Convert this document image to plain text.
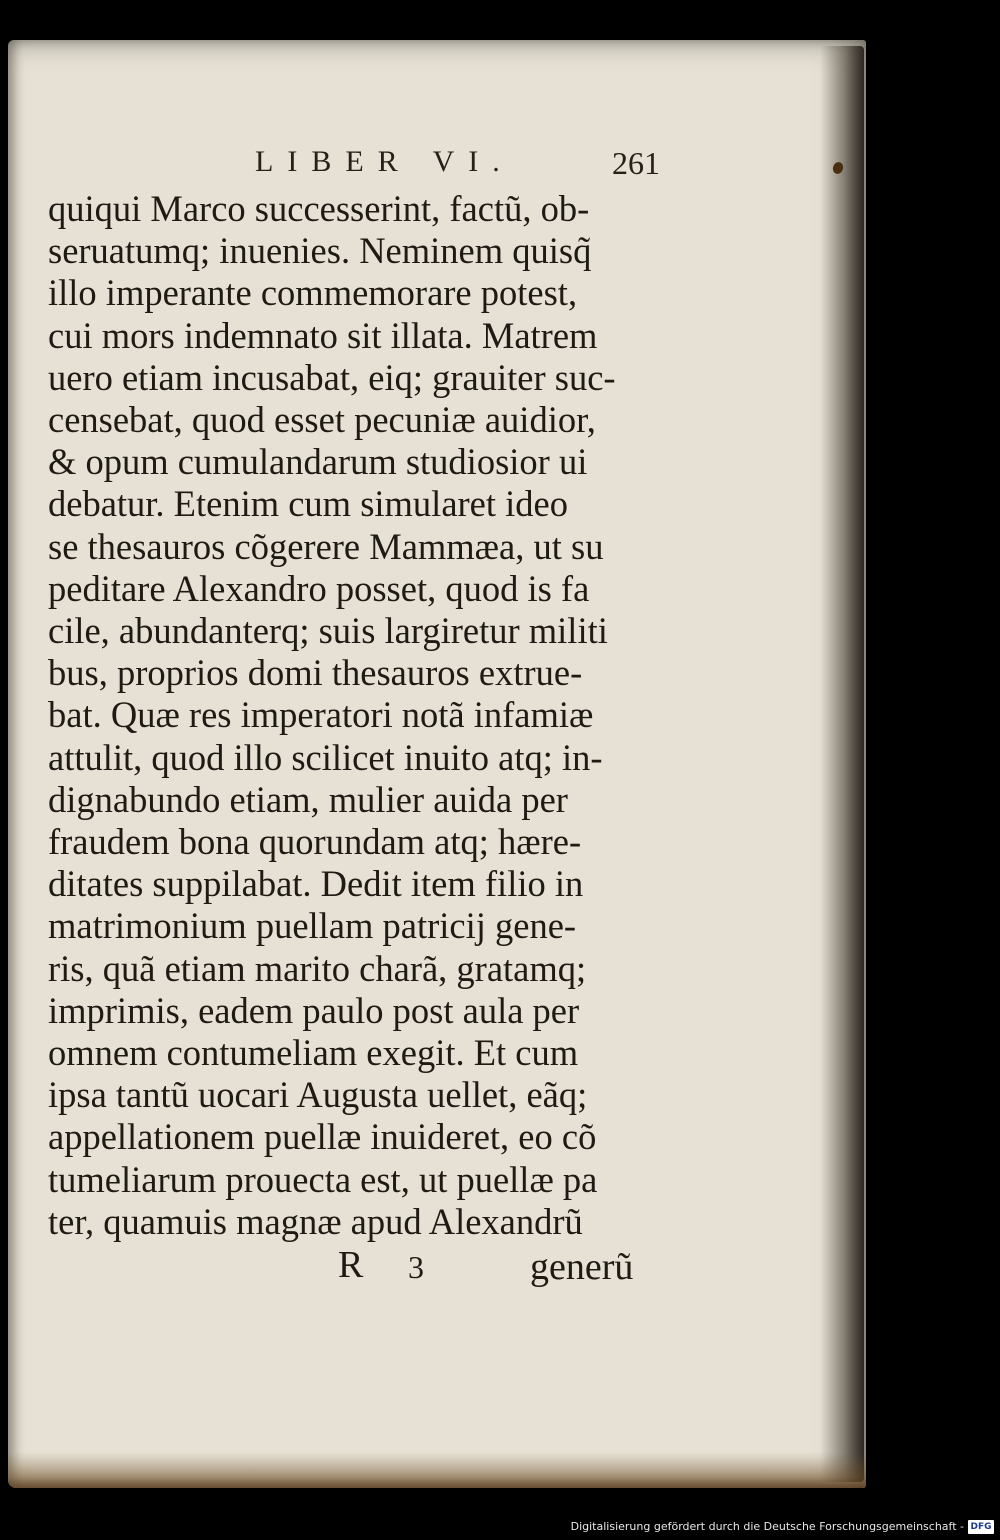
LIBER VI.	261
quiqui Marco successerint, factũ, ob-
seruatumq; inuenies. Neminem quisq̃
illo imperante commemorare potest,
cui mors indemnato sit illata. Matrem
uero etiam incusabat, eiq; grauiter suc-
censebat, quod esset pecuniæ auidior,
& opum cumulandarum studiosior ui
debatur. Etenim cum simularet ideo
se thesauros cõgerere Mammæa, ut su
peditare Alexandro posset, quod is fa
cile, abundanterq; suis largiretur militi
bus, proprios domi thesauros extrue-
bat. Quæ res imperatori notã infamiæ
attulit, quod illo scilicet inuito atq; in-
dignabundo etiam, mulier auida per
fraudem bona quorundam atq; hære-
ditates suppilabat. Dedit item filio in
matrimonium puellam patricij gene-
ris, quã etiam marito charã, gratamq;
imprimis, eadem paulo post aula per
omnem contumeliam exegit. Et cum
ipsa tantũ uocari Augusta uellet, eãq;
appellationem puellæ inuideret, eo cõ
tumeliarum prouecta est, ut puellæ pa
ter, quamuis magnæ apud Alexandrũ
R 3	generũ
Digitalisierung gefördert durch die Deutsche Forschungsgemeinschaft - DFG
